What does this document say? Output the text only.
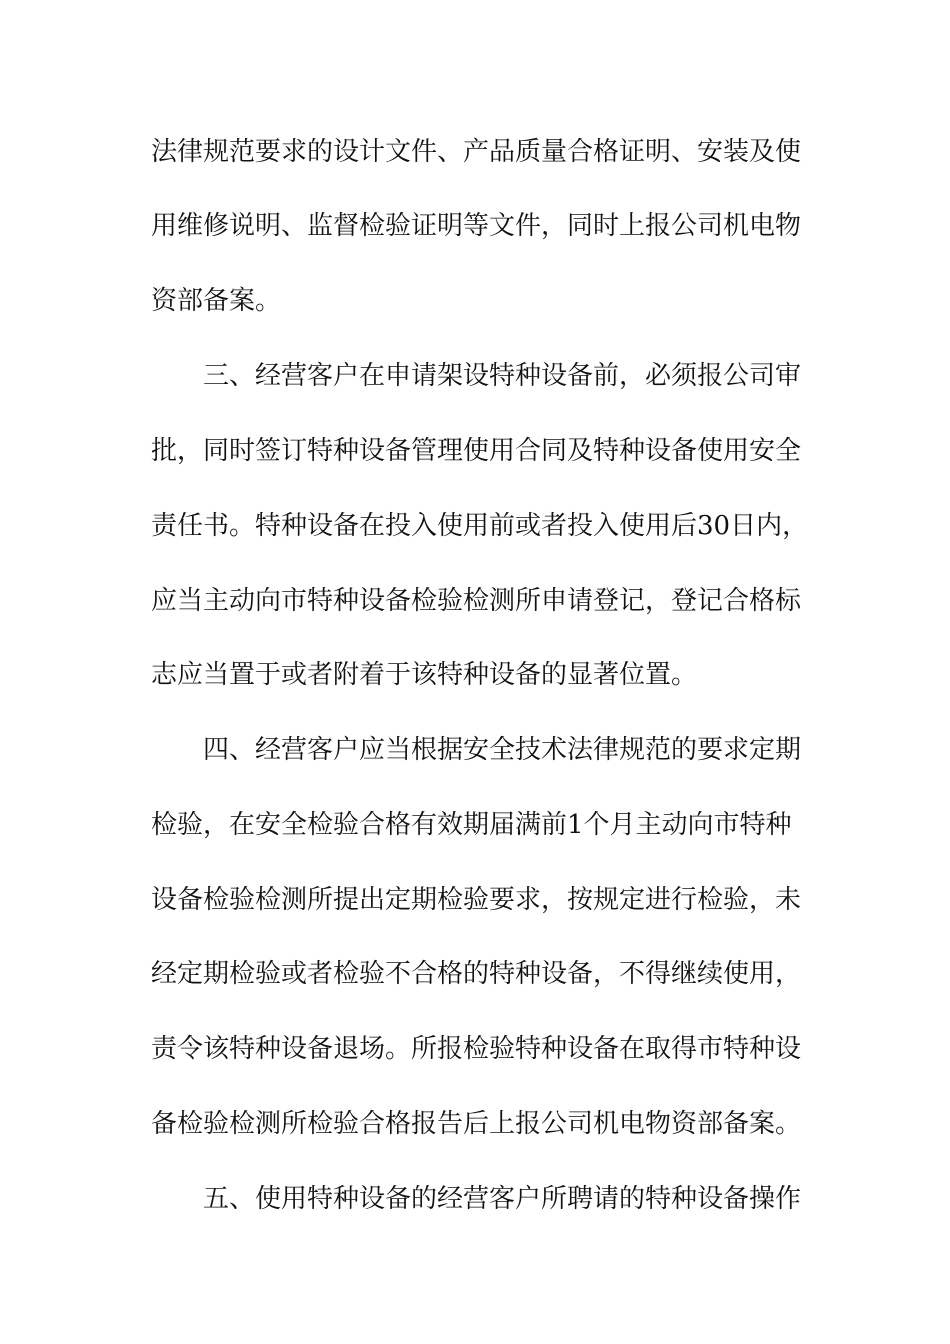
法律规范要求的设计文件、产品质量合格证明、安装及使
用维修说明、监督检验证明等文件，同时上报公司机电物
资部备案。
三、经营客户在申请架设特种设备前，必须报公司审
批，同时签订特种设备管理使用合同及特种设备使用安全
责任书。特种设备在投入使用前或者投入使用后30日内，
应当主动向市特种设备检验检测所申请登记，登记合格标
志应当置于或者附着于该特种设备的显著位置。
四、经营客户应当根据安全技术法律规范的要求定期
检验，在安全检验合格有效期届满前1个月主动向市特种
设备检验检测所提出定期检验要求，按规定进行检验，未
经定期检验或者检验不合格的特种设备，不得继续使用，
责令该特种设备退场。所报检验特种设备在取得市特种设
备检验检测所检验合格报告后上报公司机电物资部备案。
五、使用特种设备的经营客户所聘请的特种设备操作
